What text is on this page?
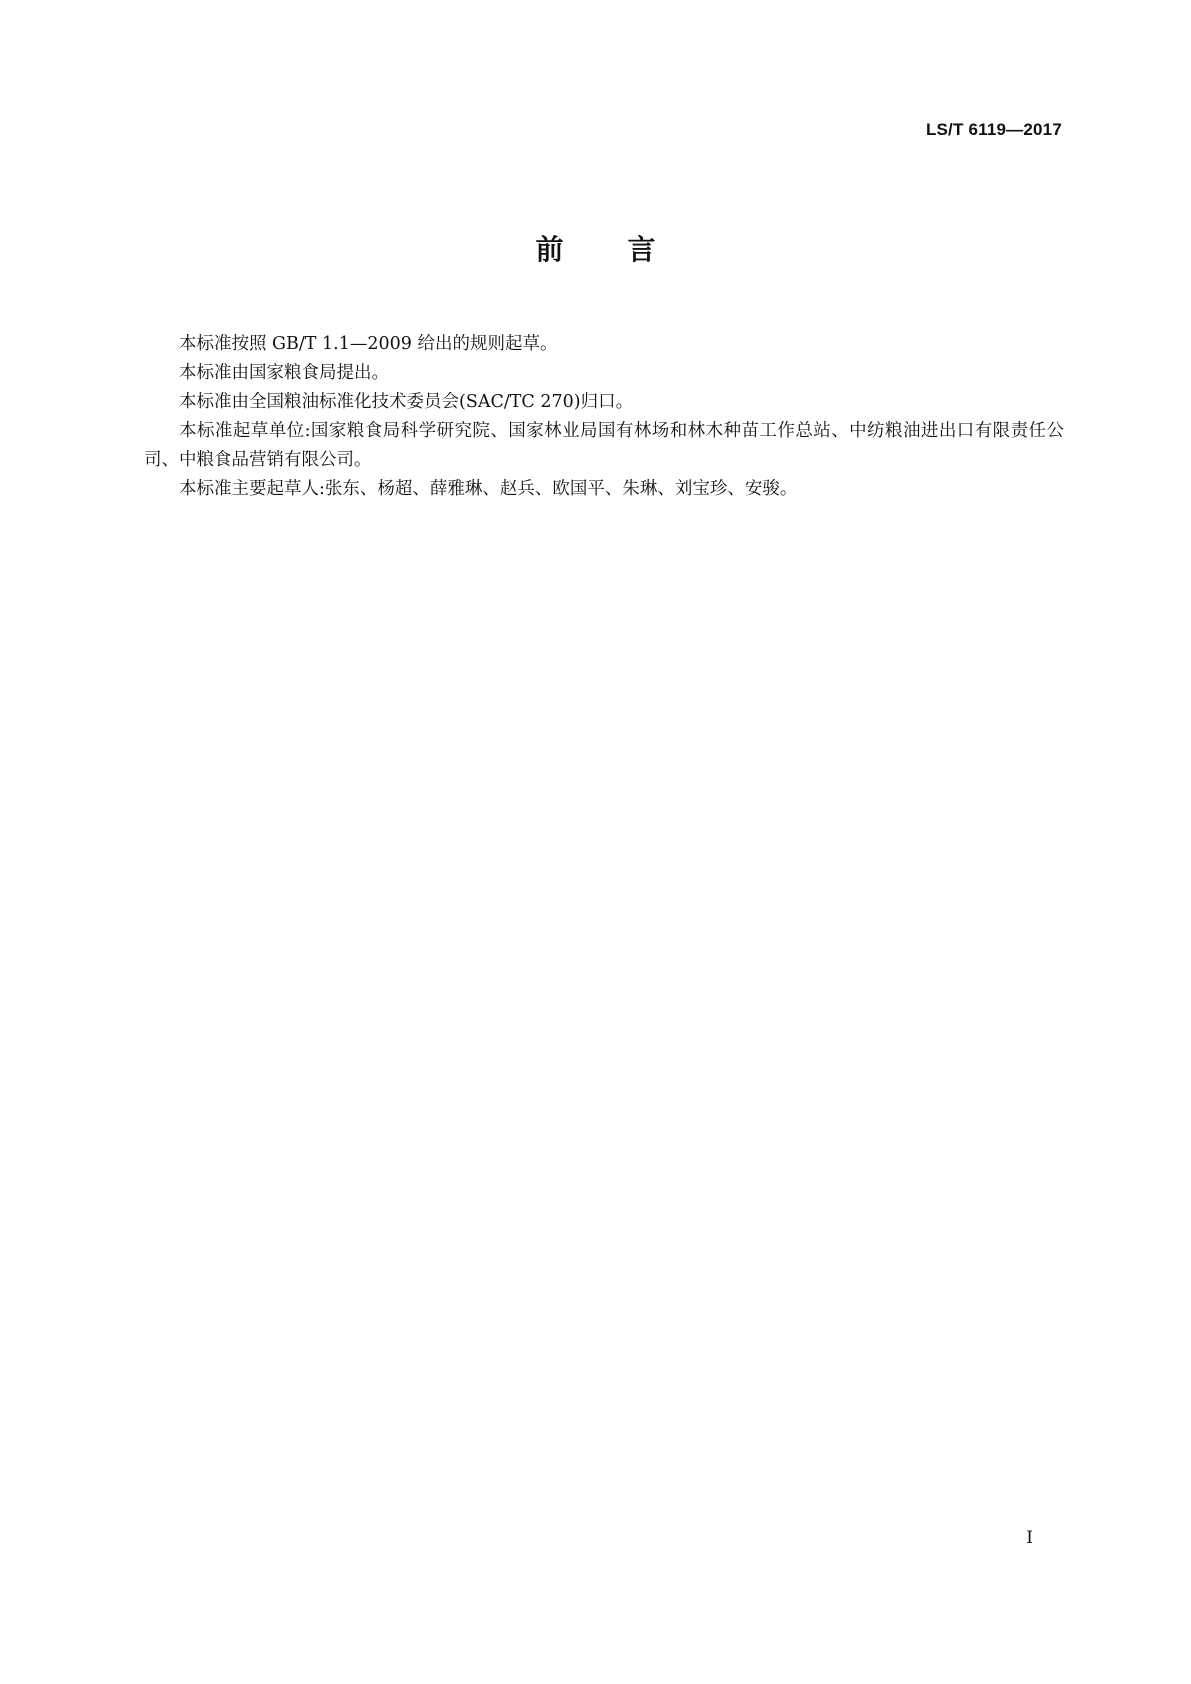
LS/T 6119—2017
前 言

本标准按照 GB/T 1.1—2009 给出的规则起草。

本标准由国家粮食局提出。

本标准由全国粮油标准化技术委员会(SAC/TC 270)归口。

本标准起草单位:国家粮食局科学研究院、国家林业局国有林场和林木种苗工作总站、中纺粮油进出口有限责任公司、中粮食品营销有限公司。

本标准主要起草人:张东、杨超、薛雅琳、赵兵、欧国平、朱琳、刘宝珍、安骏。

I
